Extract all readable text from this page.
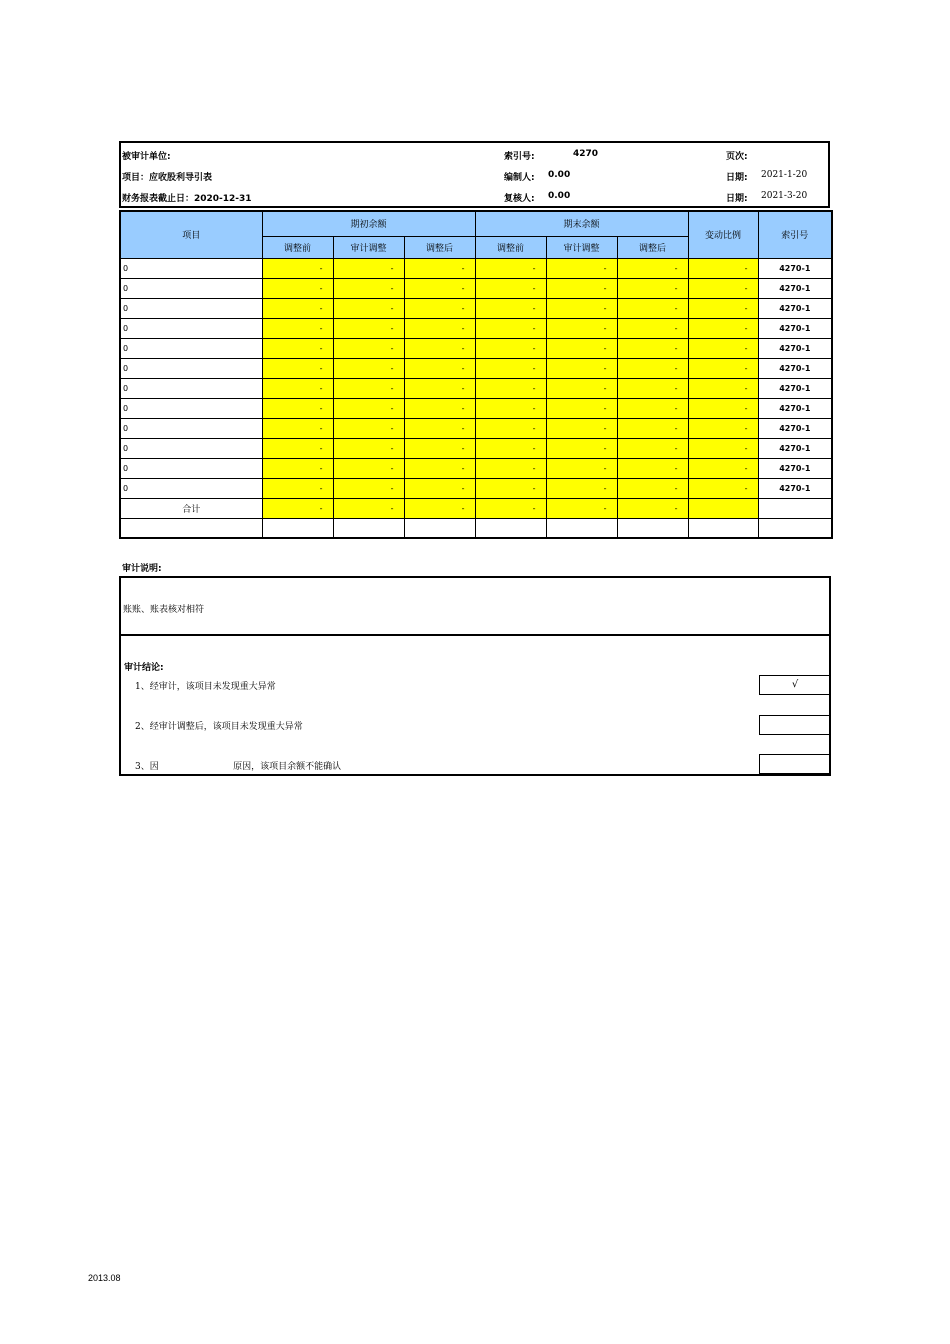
被审计单位:
项目：应收股利导引表
财务报表截止日：2020-12-31
索引号:	4270
编制人: 0.00
复核人: 0.00
页次:
日期: 2021-1-20
日期: 2021-3-20
项目	期初余额			期末余额			变动比例	索引号
	调整前	审计调整	调整后	调整前	审计调整	调整后		
0	-	-	-	-	-	-	-	4270-1
0	-	-	-	-	-	-	-	4270-1
0	-	-	-	-	-	-	-	4270-1
0	-	-	-	-	-	-	-	4270-1
0	-	-	-	-	-	-	-	4270-1
0	-	-	-	-	-	-	-	4270-1
0	-	-	-	-	-	-	-	4270-1
0	-	-	-	-	-	-	-	4270-1
0	-	-	-	-	-	-	-	4270-1
0	-	-	-	-	-	-	-	4270-1
0	-	-	-	-	-	-	-	4270-1
0	-	-	-	-	-	-	-	4270-1
合计	-	-	-	-	-	-		

审计说明:
账账、账表核对相符
审计结论:
1、经审计，该项目未发现重大异常	√
2、经审计调整后，该项目未发现重大异常
3、因                          原因，该项目余额不能确认
2013.08
